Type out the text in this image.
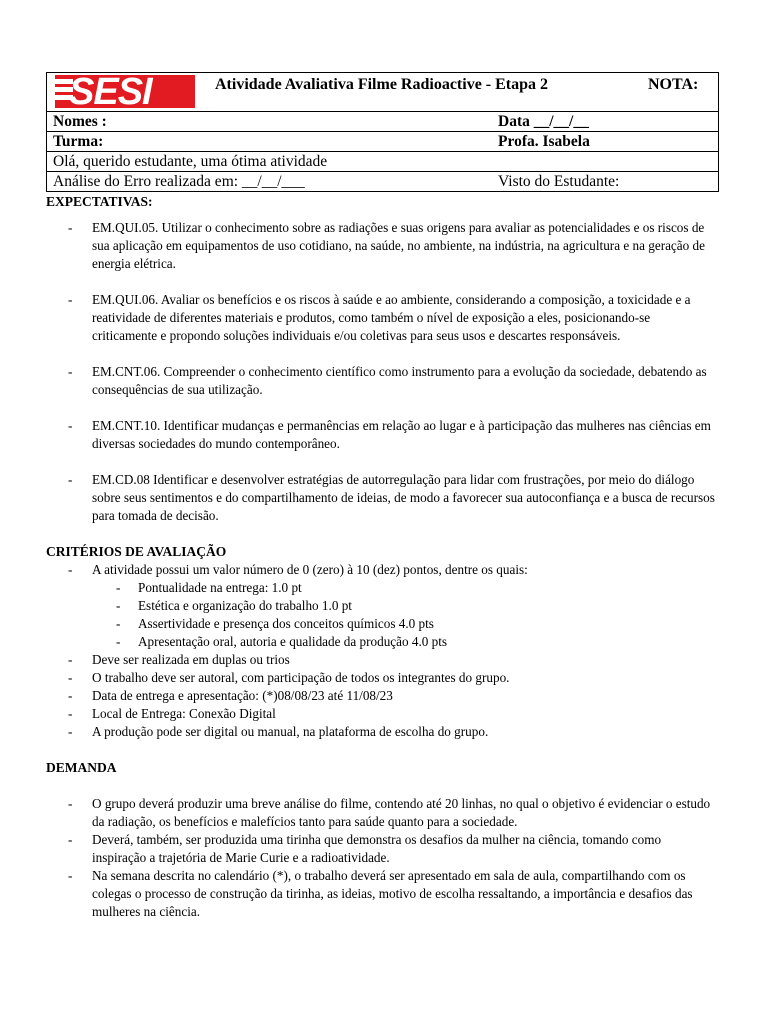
SESI	Atividade Avaliativa Filme Radioactive - Etapa 2	NOTA:

Nomes :	Data __/__/__

Turma:	Profa. Isabela

Olá, querido estudante, uma ótima atividade

Análise do Erro realizada em: __/__/___	Visto do Estudante:
EXPECTATIVAS:
- EM.QUI.05. Utilizar o conhecimento sobre as radiações e suas origens para avaliar as potencialidades e os riscos de sua aplicação em equipamentos de uso cotidiano, na saúde, no ambiente, na indústria, na agricultura e na geração de energia elétrica.
- EM.QUI.06. Avaliar os benefícios e os riscos à saúde e ao ambiente, considerando a composição, a toxicidade e a reatividade de diferentes materiais e produtos, como também o nível de exposição a eles, posicionando-se criticamente e propondo soluções individuais e/ou coletivas para seus usos e descartes responsáveis.
- EM.CNT.06. Compreender o conhecimento científico como instrumento para a evolução da sociedade, debatendo as consequências de sua utilização.
- EM.CNT.10. Identificar mudanças e permanências em relação ao lugar e à participação das mulheres nas ciências em diversas sociedades do mundo contemporâneo.
- EM.CD.08 Identificar e desenvolver estratégias de autorregulação para lidar com frustrações, por meio do diálogo sobre seus sentimentos e do compartilhamento de ideias, de modo a favorecer sua autoconfiança e a busca de recursos para tomada de decisão.
CRITÉRIOS DE AVALIAÇÃO
- A atividade possui um valor número de 0 (zero) à 10 (dez) pontos, dentre os quais:
- Pontualidade na entrega: 1.0 pt
- Estética e organização do trabalho 1.0 pt
- Assertividade e presença dos conceitos químicos 4.0 pts
- Apresentação oral, autoria e qualidade da produção 4.0 pts
- Deve ser realizada em duplas ou trios
- O trabalho deve ser autoral, com participação de todos os integrantes do grupo.
- Data de entrega e apresentação: (*)08/08/23 até 11/08/23
- Local de Entrega: Conexão Digital
- A produção pode ser digital ou manual, na plataforma de escolha do grupo.
DEMANDA
- O grupo deverá produzir uma breve análise do filme, contendo até 20 linhas, no qual o objetivo é evidenciar o estudo da radiação, os benefícios e malefícios tanto para saúde quanto para a sociedade.
- Deverá, também, ser produzida uma tirinha que demonstra os desafios da mulher na ciência, tomando como inspiração a trajetória de Marie Curie e a radioatividade.
- Na semana descrita no calendário (*), o trabalho deverá ser apresentado em sala de aula, compartilhando com os colegas o processo de construção da tirinha, as ideias, motivo de escolha ressaltando, a importância e desafios das mulheres na ciência.
